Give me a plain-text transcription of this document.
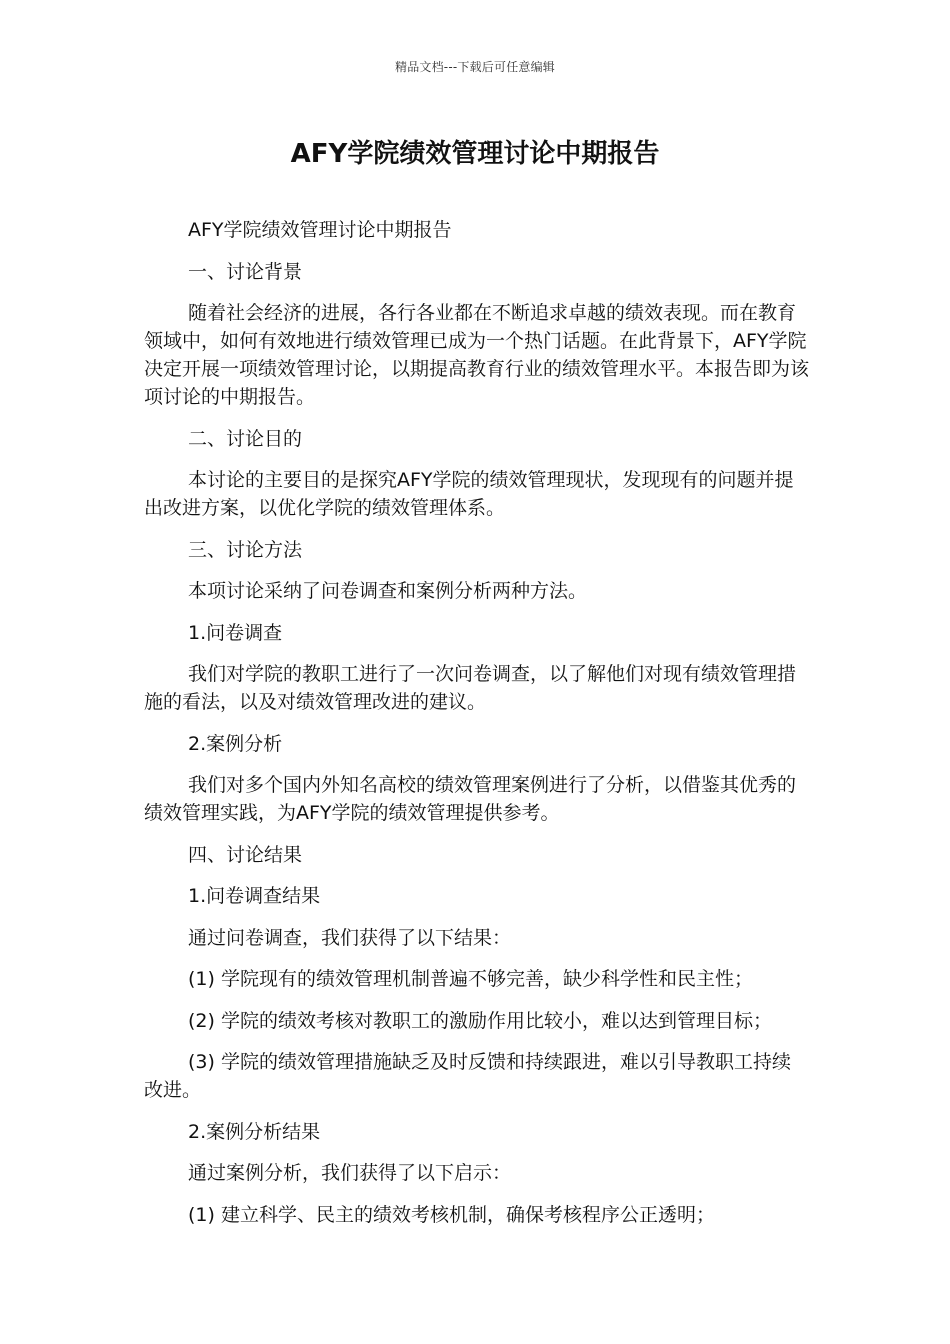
精品文档---下载后可任意编辑
AFY学院绩效管理讨论中期报告

AFY学院绩效管理讨论中期报告

一、讨论背景

随着社会经济的进展，各行各业都在不断追求卓越的绩效表现。而在教育领域中，如何有效地进行绩效管理已成为一个热门话题。在此背景下，AFY学院决定开展一项绩效管理讨论，以期提高教育行业的绩效管理水平。本报告即为该项讨论的中期报告。

二、讨论目的

本讨论的主要目的是探究AFY学院的绩效管理现状，发现现有的问题并提出改进方案，以优化学院的绩效管理体系。

三、讨论方法

本项讨论采纳了问卷调查和案例分析两种方法。

1.问卷调查

我们对学院的教职工进行了一次问卷调查，以了解他们对现有绩效管理措施的看法，以及对绩效管理改进的建议。

2.案例分析

我们对多个国内外知名高校的绩效管理案例进行了分析，以借鉴其优秀的绩效管理实践，为AFY学院的绩效管理提供参考。

四、讨论结果

1.问卷调查结果

通过问卷调查，我们获得了以下结果：

(1) 学院现有的绩效管理机制普遍不够完善，缺少科学性和民主性；

(2) 学院的绩效考核对教职工的激励作用比较小，难以达到管理目标；

(3) 学院的绩效管理措施缺乏及时反馈和持续跟进，难以引导教职工持续改进。

2.案例分析结果

通过案例分析，我们获得了以下启示：

(1) 建立科学、民主的绩效考核机制，确保考核程序公正透明；
